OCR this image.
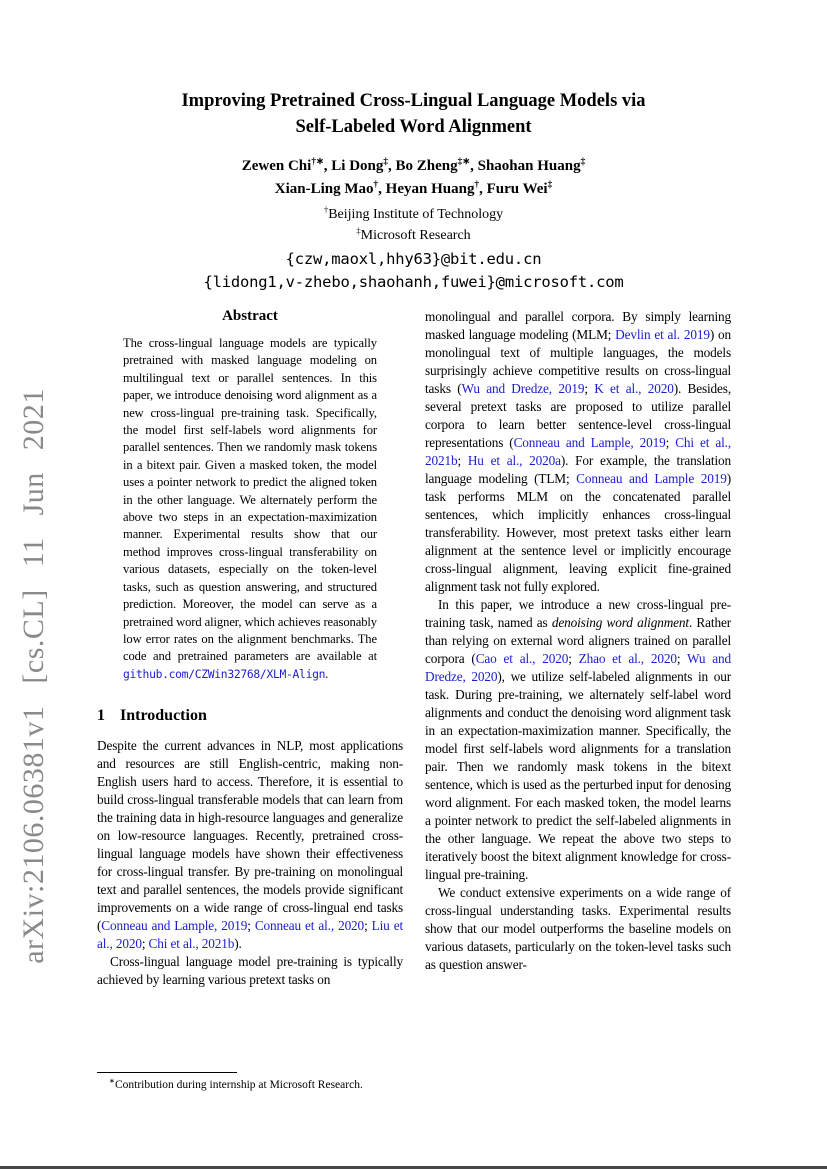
arXiv:2106.06381v1 [cs.CL] 11 Jun 2021
Improving Pretrained Cross-Lingual Language Models via
Self-Labeled Word Alignment
Zewen Chi†∗, Li Dong‡, Bo Zheng‡∗, Shaohan Huang‡
Xian-Ling Mao†, Heyan Huang†, Furu Wei‡
†Beijing Institute of Technology
‡Microsoft Research
{czw,maoxl,hhy63}@bit.edu.cn
{lidong1,v-zhebo,shaohanh,fuwei}@microsoft.com
Abstract
The cross-lingual language models are typically pretrained with masked language modeling on multilingual text or parallel sentences. In this paper, we introduce denoising word alignment as a new cross-lingual pre-training task. Specifically, the model first self-labels word alignments for parallel sentences. Then we randomly mask tokens in a bitext pair. Given a masked token, the model uses a pointer network to predict the aligned token in the other language. We alternately perform the above two steps in an expectation-maximization manner. Experimental results show that our method improves cross-lingual transferability on various datasets, especially on the token-level tasks, such as question answering, and structured prediction. Moreover, the model can serve as a pretrained word aligner, which achieves reasonably low error rates on the alignment benchmarks. The code and pretrained parameters are available at github.com/CZWin32768/XLM-Align.
1 Introduction

Despite the current advances in NLP, most applications and resources are still English-centric, making non-English users hard to access. Therefore, it is essential to build cross-lingual transferable models that can learn from the training data in high-resource languages and generalize on low-resource languages. Recently, pretrained cross-lingual language models have shown their effectiveness for cross-lingual transfer. By pre-training on monolingual text and parallel sentences, the models provide significant improvements on a wide range of cross-lingual end tasks (Conneau and Lample, 2019; Conneau et al., 2020; Liu et al., 2020; Chi et al., 2021b).

Cross-lingual language model pre-training is typically achieved by learning various pretext tasks on

monolingual and parallel corpora. By simply learning masked language modeling (MLM; Devlin et al. 2019) on monolingual text of multiple languages, the models surprisingly achieve competitive results on cross-lingual tasks (Wu and Dredze, 2019; K et al., 2020). Besides, several pretext tasks are proposed to utilize parallel corpora to learn better sentence-level cross-lingual representations (Conneau and Lample, 2019; Chi et al., 2021b; Hu et al., 2020a). For example, the translation language modeling (TLM; Conneau and Lample 2019) task performs MLM on the concatenated parallel sentences, which implicitly enhances cross-lingual transferability. However, most pretext tasks either learn alignment at the sentence level or implicitly encourage cross-lingual alignment, leaving explicit fine-grained alignment task not fully explored.

In this paper, we introduce a new cross-lingual pre-training task, named as denoising word alignment. Rather than relying on external word aligners trained on parallel corpora (Cao et al., 2020; Zhao et al., 2020; Wu and Dredze, 2020), we utilize self-labeled alignments in our task. During pre-training, we alternately self-label word alignments and conduct the denoising word alignment task in an expectation-maximization manner. Specifically, the model first self-labels word alignments for a translation pair. Then we randomly mask tokens in the bitext sentence, which is used as the perturbed input for denosing word alignment. For each masked token, the model learns a pointer network to predict the self-labeled alignments in the other language. We repeat the above two steps to iteratively boost the bitext alignment knowledge for cross-lingual pre-training.

We conduct extensive experiments on a wide range of cross-lingual understanding tasks. Experimental results show that our model outperforms the baseline models on various datasets, particularly on the token-level tasks such as question answer-

∗Contribution during internship at Microsoft Research.
